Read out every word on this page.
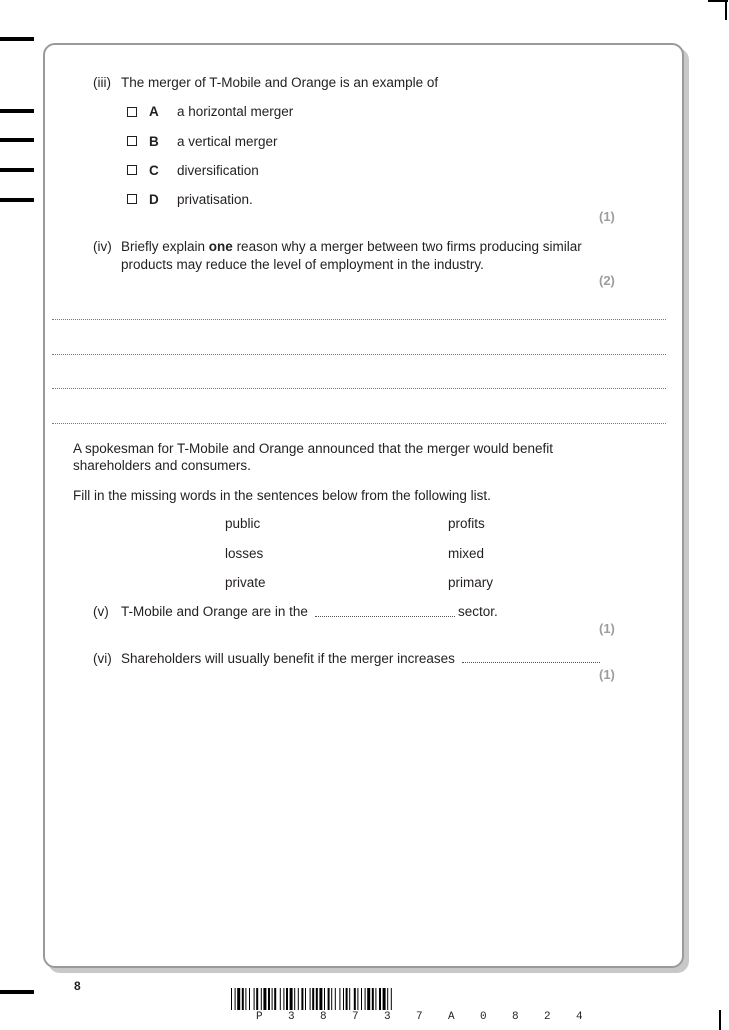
(iii) The merger of T-Mobile and Orange is an example of
A a horizontal merger
B a vertical merger
C diversification
D privatisation.
(1)
(iv) Briefly explain one reason why a merger between two firms producing similar
products may reduce the level of employment in the industry.
(2)
A spokesman for T-Mobile and Orange announced that the merger would benefit
shareholders and consumers.
Fill in the missing words in the sentences below from the following list.
public	profits
losses	mixed
private	primary
(v) T-Mobile and Orange are in the	sector.
(1)
(vi) Shareholders will usually benefit if the merger increases
(1)
8
P 3 8 7 3 7 A 0 8 2 4
